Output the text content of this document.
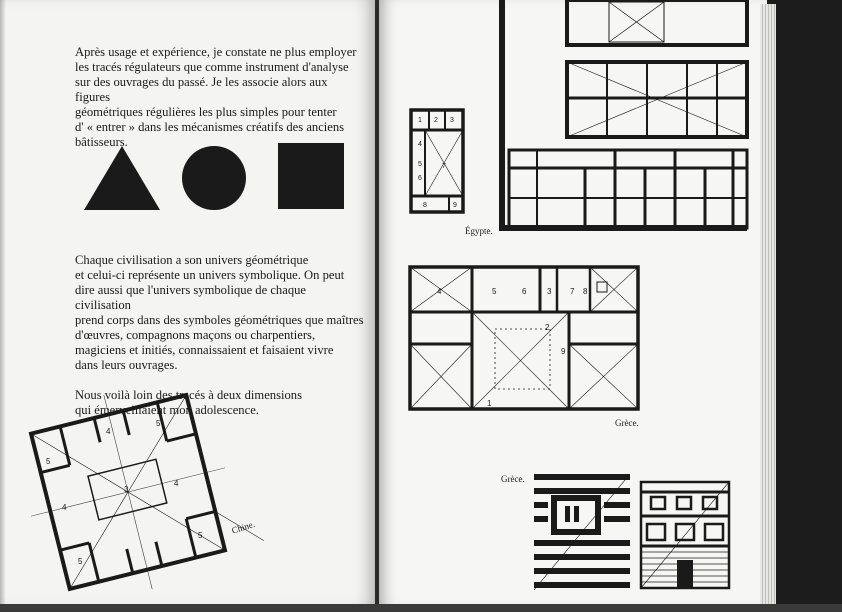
Après usage et expérience, je constate ne plus employer
les tracés régulateurs que comme instrument d'analyse
sur des ouvrages du passé. Je les associe alors aux figures
géométriques régulières les plus simples pour tenter
d' « entrer » dans les mécanismes créatifs des anciens
bâtisseurs.

Chaque civilisation a son univers géométrique
et celui-ci représente un univers symbolique. On peut
dire aussi que l'univers symbolique de chaque civilisation
prend corps dans des symboles géométriques que maîtres
d'œuvres, compagnons maçons ou charpentiers,
magiciens et initiés, connaissaient et faisaient vivre
dans leurs ouvrages.

Nous voilà loin des tracés à deux dimensions
qui émerveillaient mon adolescence.

5
4
5
4
3
4
5
5	Chine.
1 2 3
4
5
6
7
8	9
Égypte.
4	5	6	3 7 8
2
9
1
Grèce.
Grèce.
